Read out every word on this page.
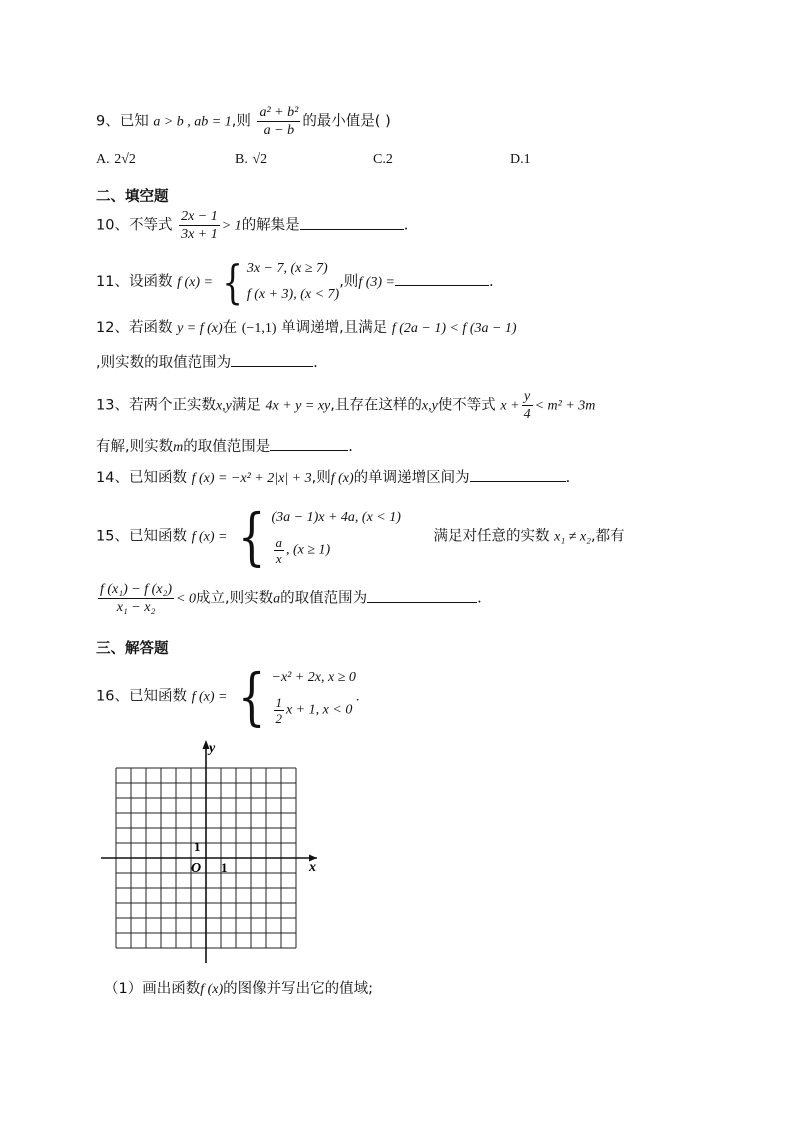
9、已知 a > b , ab = 1,则 $\frac{\text{a² + b²}}{a - b}$ 的最小值是( )
A. 2√2	B. √2	C.2	D.1
二、填空题
10、不等式 $\frac{2x - 1}{3x + 1} > 1$的解集是	.
11、设函数 f (x) = { 3x − 7, (x ≥ 7)
f (x + 3), (x < 7)
,则f (3) =	.
12、若函数 y = f (x)在 (−1,1) 单调递增,且满足 f (2a − 1) < f (3a − 1)
,则实数的取值范围为	.
13、若两个正实数x,y满足 4x + y = xy,且存在这样的x,y使不等式 $x + \frac{y}{4} < m^2 + 3m$
有解,则实数m的取值范围是	.
14、已知函数 f (x) = −x² + 2|x| + 3,则f (x)的单调递增区间为	.
15、已知函数 f (x) = { (3a − 1)x + 4a, (x < 1)
$\frac{a}{x}$ , (x ≥ 1)
满足对任意的实数 x₁ ≠ x₂,都有
$\frac{\text{f (x₁) − f (x₂)}}{\text{x₁ − x₂}} < 0$成立,则实数a的取值范围为	.
三、解答题
16、已知函数 f (x) = { −x² + 2x, x ≥ 0
$\frac{1}{2}$ x + 1, x < 0
.
y
x
O 1
1
（1）画出函数f (x)的图像并写出它的值域;
